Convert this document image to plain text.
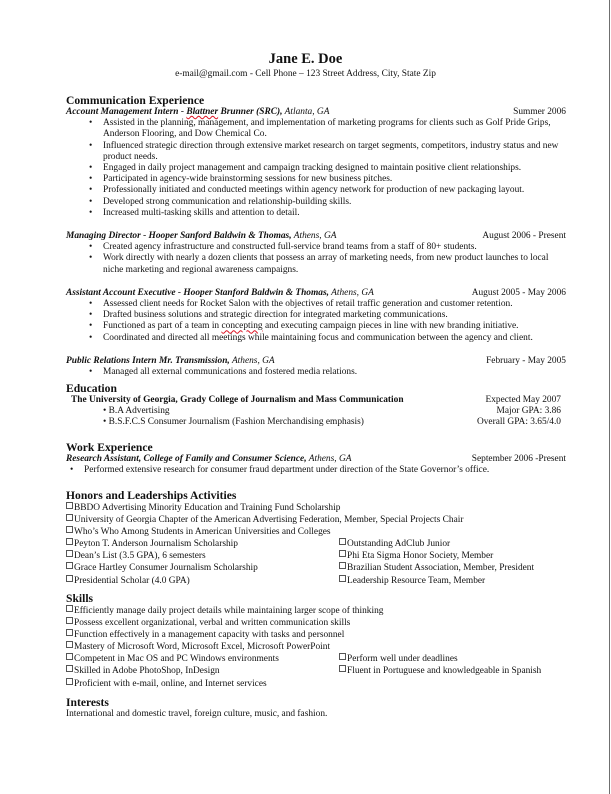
Jane E. Doe
e-mail@gmail.com - Cell Phone – 123 Street Address, City, State Zip
Communication Experience
Account Management Intern - Blattner Brunner (SRC), Atlanta, GA	Summer 2006
• Assisted in the planning, management, and implementation of marketing programs for clients such as Golf Pride Grips, Anderson Flooring, and Dow Chemical Co.
• Influenced strategic direction through extensive market research on target segments, competitors, industry status and new product needs.
• Engaged in daily project management and campaign tracking designed to maintain positive client relationships.
• Participated in agency-wide brainstorming sessions for new business pitches.
• Professionally initiated and conducted meetings within agency network for production of new packaging layout.
• Developed strong communication and relationship-building skills.
• Increased multi-tasking skills and attention to detail.
Managing Director - Hooper Sanford Baldwin & Thomas, Athens, GA	August 2006 - Present
• Created agency infrastructure and constructed full-service brand teams from a staff of 80+ students.
• Work directly with nearly a dozen clients that possess an array of marketing needs, from new product launches to local niche marketing and regional awareness campaigns.
Assistant Account Executive - Hooper Stanford Baldwin & Thomas, Athens, GA	August 2005 - May 2006
• Assessed client needs for Rocket Salon with the objectives of retail traffic generation and customer retention.
• Drafted business solutions and strategic direction for integrated marketing communications.
• Functioned as part of a team in concepting and executing campaign pieces in line with new branding initiative.
• Coordinated and directed all meetings while maintaining focus and communication between the agency and client.
Public Relations Intern Mr. Transmission, Athens, GA	February - May 2005
• Managed all external communications and fostered media relations.
Education
The University of Georgia, Grady College of Journalism and Mass Communication	Expected May 2007
• B.A Advertising	Major GPA: 3.86
• B.S.F.C.S Consumer Journalism (Fashion Merchandising emphasis)	Overall GPA: 3.65/4.0
Work Experience
Research Assistant, College of Family and Consumer Science, Athens, GA	September 2006 -Present
• Performed extensive research for consumer fraud department under direction of the State Governor’s office.
Honors and Leaderships Activities
BBDO Advertising Minority Education and Training Fund Scholarship
University of Georgia Chapter of the American Advertising Federation, Member, Special Projects Chair
Who’s Who Among Students in American Universities and Colleges
Peyton T. Anderson Journalism Scholarship	Outstanding AdClub Junior
Dean’s List (3.5 GPA), 6 semesters	Phi Eta Sigma Honor Society, Member
Grace Hartley Consumer Journalism Scholarship	Brazilian Student Association, Member, President
Presidential Scholar (4.0 GPA)	Leadership Resource Team, Member
Skills
Efficiently manage daily project details while maintaining larger scope of thinking
Possess excellent organizational, verbal and written communication skills
Function effectively in a management capacity with tasks and personnel
Mastery of Microsoft Word, Microsoft Excel, Microsoft PowerPoint
Competent in Mac OS and PC Windows environments	Perform well under deadlines
Skilled in Adobe PhotoShop, InDesign	Fluent in Portuguese and knowledgeable in Spanish
Proficient with e-mail, online, and Internet services
Interests
International and domestic travel, foreign culture, music, and fashion.
